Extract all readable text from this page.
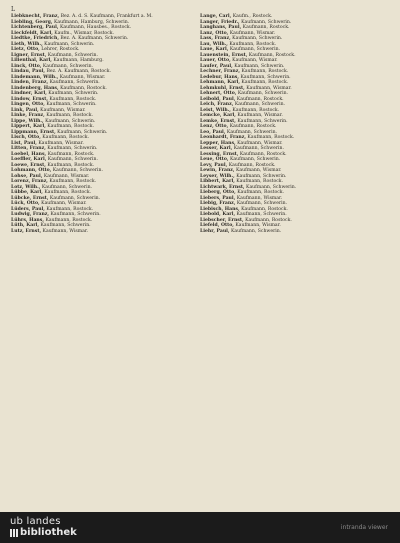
L
Liebknecht, Franz, Bez. A. d. S. Kaufmann, Frankfurt a. M.
Liebling, Georg, Kaufmann, Hamburg, Schwerin.
Lichtenberg, Paul, Kaufmann, Hausbes., Rostock.
Lieckfeldt, Karl, Kaufm., Wismar, Rostock.
Liedtke, Friedrich, Bez. A. Kaufmann, Schwerin.
Lieth, Wilh., Kaufmann, Schwerin.
Lietz, Otto, Lehrer, Rostock.
Ligner, Ernst, Kaufmann, Schwerin.
Lilienthal, Karl, Kaufmann, Hamburg.
Linck, Otto, Kaufmann, Schwerin.
Lindau, Paul, Bez. A. Kaufmann, Rostock.
Lindemann, Wilh., Kaufmann, Wismar.
Linden, Franz, Kaufmann, Schwerin.
Lindenberg, Hans, Kaufmann, Rostock.
Lindner, Karl, Kaufmann, Schwerin.
Lindow, Ernst, Kaufmann, Rostock.
Lingen, Otto, Kaufmann, Schwerin.
Link, Paul, Kaufmann, Wismar.
Linke, Franz, Kaufmann, Rostock.
Lippe, Wilh., Kaufmann, Schwerin.
Lippert, Karl, Kaufmann, Rostock.
Lippmann, Ernst, Kaufmann, Schwerin.
Lisch, Otto, Kaufmann, Rostock.
List, Paul, Kaufmann, Wismar.
Litten, Franz, Kaufmann, Schwerin.
Loebel, Hans, Kaufmann, Rostock.
Loeffler, Karl, Kaufmann, Schwerin.
Loewe, Ernst, Kaufmann, Rostock.
Lohmann, Otto, Kaufmann, Schwerin.
Lohse, Paul, Kaufmann, Wismar.
Lorenz, Franz, Kaufmann, Rostock.
Lotz, Wilh., Kaufmann, Schwerin.
Lübbe, Karl, Kaufmann, Rostock.
Lübcke, Ernst, Kaufmann, Schwerin.
Lück, Otto, Kaufmann, Wismar.
Lüders, Paul, Kaufmann, Rostock.
Ludwig, Franz, Kaufmann, Schwerin.
Lührs, Hans, Kaufmann, Rostock.
Lüth, Karl, Kaufmann, Schwerin.
Lutz, Ernst, Kaufmann, Wismar.
Lange, Carl, Kaufm., Rostock.
Langer, Friedr., Kaufmann, Schwerin.
Langhans, Paul, Kaufmann, Rostock.
Lanz, Otto, Kaufmann, Wismar.
Lass, Franz, Kaufmann, Schwerin.
Lau, Wilh., Kaufmann, Rostock.
Laue, Karl, Kaufmann, Schwerin.
Lauenstein, Ernst, Kaufmann, Rostock.
Lauer, Otto, Kaufmann, Wismar.
Laufer, Paul, Kaufmann, Schwerin.
Lechner, Franz, Kaufmann, Rostock.
Ledebur, Hans, Kaufmann, Schwerin.
Lehmann, Karl, Kaufmann, Rostock.
Lehmkuhl, Ernst, Kaufmann, Wismar.
Lehnert, Otto, Kaufmann, Schwerin.
Leibold, Paul, Kaufmann, Rostock.
Leich, Franz, Kaufmann, Schwerin.
Leist, Wilh., Kaufmann, Rostock.
Lemcke, Karl, Kaufmann, Wismar.
Lemke, Ernst, Kaufmann, Schwerin.
Lenz, Otto, Kaufmann, Rostock.
Leo, Paul, Kaufmann, Schwerin.
Leonhardt, Franz, Kaufmann, Rostock.
Lepper, Hans, Kaufmann, Wismar.
Lesser, Karl, Kaufmann, Schwerin.
Lessing, Ernst, Kaufmann, Rostock.
Leue, Otto, Kaufmann, Schwerin.
Levy, Paul, Kaufmann, Rostock.
Lewin, Franz, Kaufmann, Wismar.
Leyser, Wilh., Kaufmann, Schwerin.
Libbert, Karl, Kaufmann, Rostock.
Lichtwark, Ernst, Kaufmann, Schwerin.
Lieberg, Otto, Kaufmann, Rostock.
Liebers, Paul, Kaufmann, Wismar.
Liebig, Franz, Kaufmann, Schwerin.
Liebisch, Hans, Kaufmann, Rostock.
Liebold, Karl, Kaufmann, Schwerin.
Liebscher, Ernst, Kaufmann, Rostock.
Liefeld, Otto, Kaufmann, Wismar.
Liehr, Paul, Kaufmann, Schwerin.
ub landes
bibliothek	intranda viewer
